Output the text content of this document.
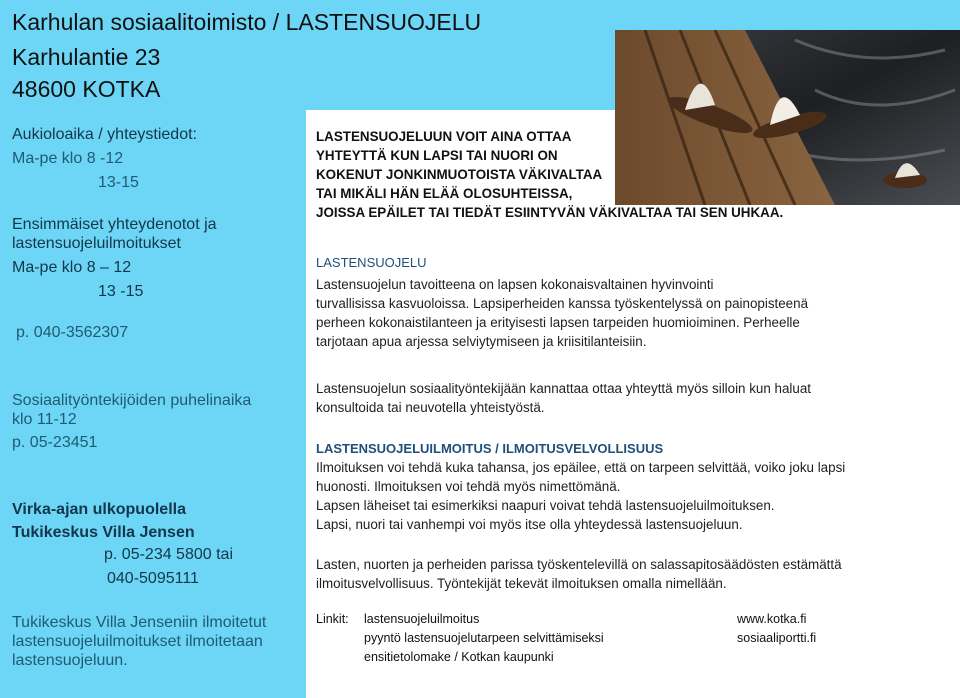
Karhulan sosiaalitoimisto / LASTENSUOJELU

Karhulantie 23

48600 KOTKA

Aukioloaika / yhteystiedot:

Ma-pe klo 8 -12

13-15

Ensimmäiset yhteydenotot ja

lastensuojeluilmoitukset

Ma-pe klo 8 – 12

13 -15

p. 040-3562307

Sosiaalityöntekijöiden puhelinaika

klo 11-12

p. 05-23451

Virka-ajan ulkopuolella

Tukikeskus Villa Jensen

p. 05-234 5800 tai

040-5095111

Tukikeskus Villa Jenseniin ilmoitetut

lastensuojeluilmoitukset ilmoitetaan

lastensuojeluun.

LASTENSUOJELUUN VOIT AINA OTTAA
YHTEYTTÄ KUN LAPSI TAI NUORI ON
KOKENUT JONKINMUOTOISTA VÄKIVALTAA
TAI MIKÄLI HÄN ELÄÄ OLOSUHTEISSA,
JOISSA EPÄILET TAI TIEDÄT ESIINTYVÄN VÄKIVALTAA TAI SEN UHKAA.
LASTENSUOJELU
Lastensuojelun tavoitteena on lapsen kokonaisvaltainen hyvinvointi
turvallisissa kasvuoloissa. Lapsiperheiden kanssa työskentelyssä on painopisteenä
perheen kokonaistilanteen ja erityisesti lapsen tarpeiden huomioiminen. Perheelle
tarjotaan apua arjessa selviytymiseen ja kriisitilanteisiin.
Lastensuojelun sosiaalityöntekijään kannattaa ottaa yhteyttä myös silloin kun haluat
konsultoida tai neuvotella yhteistyöstä.
LASTENSUOJELUILMOITUS / ILMOITUSVELVOLLISUUS
Ilmoituksen voi tehdä kuka tahansa, jos epäilee, että on tarpeen selvittää, voiko joku lapsi
huonosti. Ilmoituksen voi tehdä myös nimettömänä.
Lapsen läheiset tai esimerkiksi naapuri voivat tehdä lastensuojeluilmoituksen.
Lapsi, nuori tai vanhempi voi myös itse olla yhteydessä lastensuojeluun.
Lasten, nuorten ja perheiden parissa työskentelevillä on salassapitosäädösten estämättä
ilmoitusvelvollisuus. Työntekijät tekevät ilmoituksen omalla nimellään.
Linkit: lastensuojeluilmoitus
pyyntö lastensuojelutarpeen selvittämiseksi
ensitietolomake / Kotkan kaupunki
www.kotka.fi
sosiaaliportti.fi
